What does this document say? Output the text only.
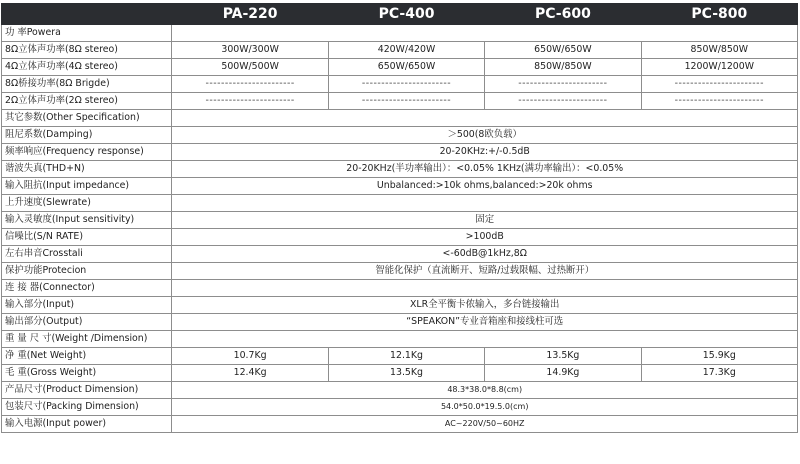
	PA-220	PC-400	PC-600	PC-800
功 率Powera				
8Ω立体声功率(8Ω stereo)	300W/300W	420W/420W	650W/650W	850W/850W
4Ω立体声功率(4Ω stereo)	500W/500W	650W/650W	850W/850W	1200W/1200W
8Ω桥接功率(8Ω Brigde)	-----------------------	-----------------------	-----------------------	-----------------------
2Ω立体声功率(2Ω stereo)	-----------------------	-----------------------	-----------------------	-----------------------
其它参数(Other Specification)				
阻尼系数(Damping)	＞500(8欧负载）			
频率响应(Frequency response)	20-20KHz:+/-0.5dB			
谐波失真(THD+N)	20-20KHz(半功率输出）：<0.05% 1KHz(满功率输出）：<0.05%			
输入阻抗(Input impedance)	Unbalanced:>10k ohms,balanced:>20k ohms			
上升速度(Slewrate)				
输入灵敏度(Input sensitivity)	固定			
信噪比(S/N RATE)	>100dB			
左右串音Crosstali	<-60dB@1kHz,8Ω			
保护功能Protecion	智能化保护（直流断开、短路/过载限幅、过热断开）			
连 接 器(Connector)				
输入部分(Input)	XLR全平衡卡侬输入，多台链接输出			
输出部分(Output)	“SPEAKON”专业音箱座和接线柱可选			
重 量 尺 寸(Weight /Dimension)				
净 重(Net Weight)	10.7Kg	12.1Kg	13.5Kg	15.9Kg
毛 重(Gross Weight)	12.4Kg	13.5Kg	14.9Kg	17.3Kg
产品尺寸(Product Dimension)	48.3*38.0*8.8(cm)			
包装尺寸(Packing Dimension)	54.0*50.0*19.5.0(cm)			
输入电源(Input power)	AC~220V/50~60HZ			
